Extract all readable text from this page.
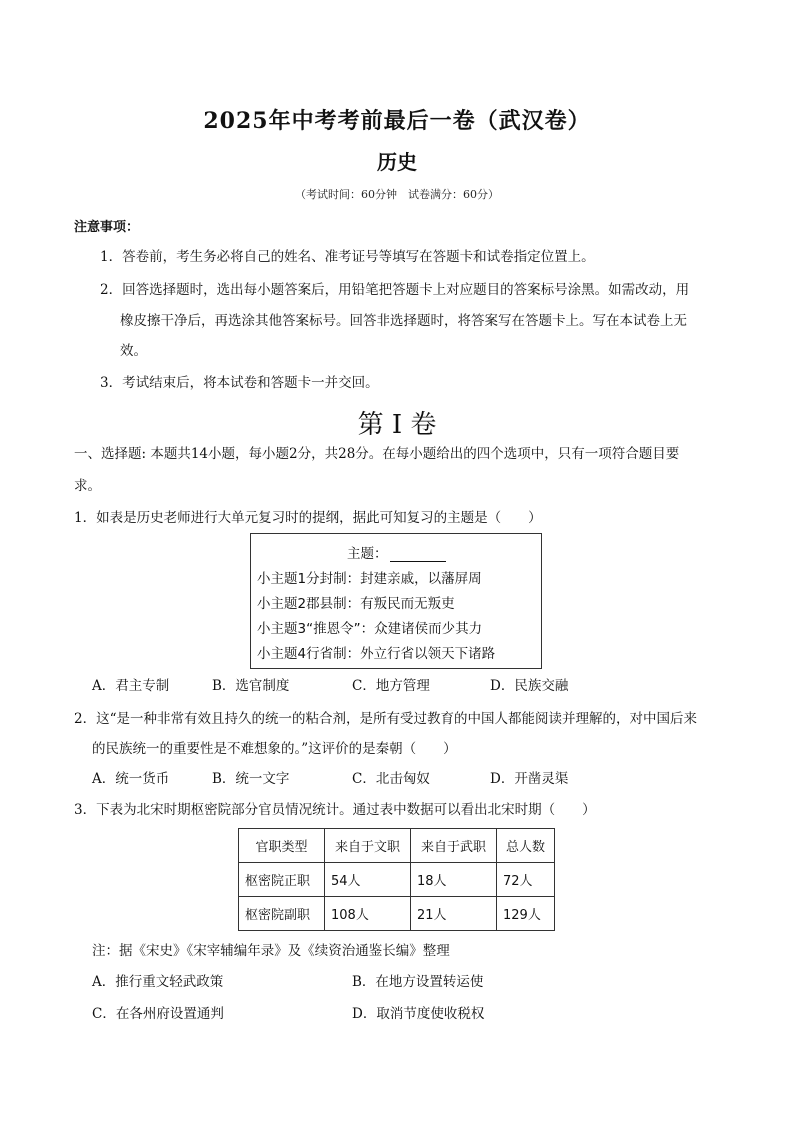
2025年中考考前最后一卷（武汉卷）
历史
（考试时间：60分钟　试卷满分：60分）
注意事项：
1．答卷前，考生务必将自己的姓名、准考证号等填写在答题卡和试卷指定位置上。
2．回答选择题时，选出每小题答案后，用铅笔把答题卡上对应题目的答案标号涂黑。如需改动，用
橡皮擦干净后，再选涂其他答案标号。回答非选择题时，将答案写在答题卡上。写在本试卷上无
效。
3．考试结束后，将本试卷和答题卡一并交回。
第 I 卷
一、选择题: 本题共14小题，每小题2分，共28分。在每小题给出的四个选项中，只有一项符合题目要
求。
1．如表是历史老师进行大单元复习时的提纲，据此可知复习的主题是（　　）
主题：
小主题1分封制：封建亲戚，以藩屏周
小主题2郡县制：有叛民而无叛吏
小主题3“推恩令”：众建诸侯而少其力
小主题4行省制：外立行省以领天下诸路
A．君主专制	B．选官制度	C．地方管理	D．民族交融
2．这“是一种非常有效且持久的统一的粘合剂，是所有受过教育的中国人都能阅读并理解的，对中国后来
的民族统一的重要性是不难想象的。”这评价的是秦朝（　　）
A．统一货币	B．统一文字	C．北击匈奴	D．开凿灵渠
3．下表为北宋时期枢密院部分官员情况统计。通过表中数据可以看出北宋时期（　　）
官职类型	来自于文职	来自于武职	总人数
枢密院正职	54人	18人	72人
枢密院副职	108人	21人	129人
注：据《宋史》《宋宰辅编年录》及《续资治通鉴长编》整理
A．推行重文轻武政策	B．在地方设置转运使
C．在各州府设置通判	D．取消节度使收税权
